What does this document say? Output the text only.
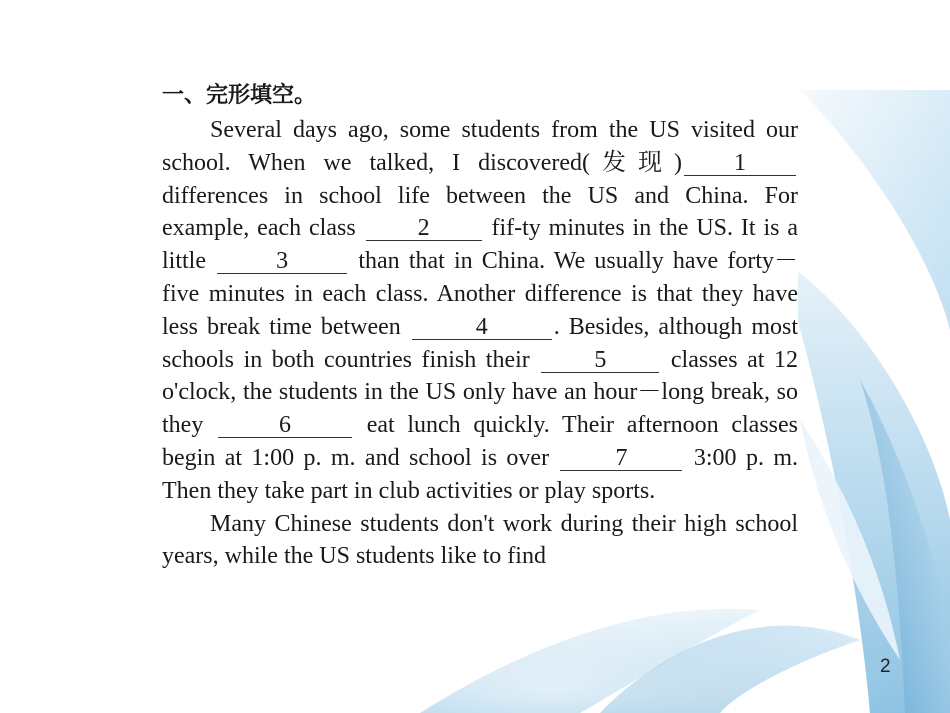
一、完形填空。

Several days ago, some students from the US visited our school. When we talked, I discovered(发现) 1 differences in school life between the US and China. For example, each class	2	fif-ty minutes in the US. It is a little	3	than that in China. We usually have forty－five minutes in each class. Another difference is that they have less break time between	4	. Besides, although most schools in both countries finish their	5	classes at 12 o'clock, the students in the US only have an hour－long break, so they	6	eat lunch quickly. Their afternoon classes begin at 1:00 p. m. and school is over	7	3:00 p. m. Then they take part in club activities or play sports.

Many Chinese students don't work during their high school years, while the US students like to find

2
